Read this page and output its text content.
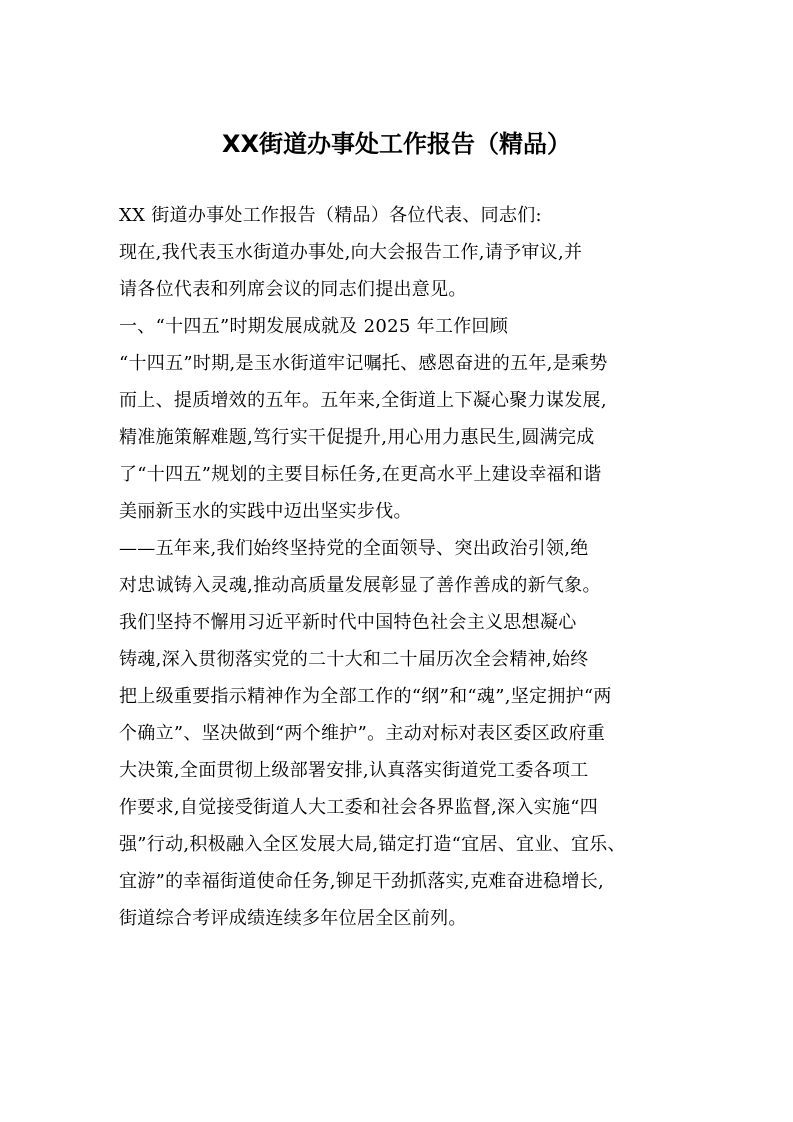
XX街道办事处工作报告（精品）
XX 街道办事处工作报告（精品）各位代表、同志们:
现在,我代表玉水街道办事处,向大会报告工作,请予审议,并
请各位代表和列席会议的同志们提出意见。
一、“十四五”时期发展成就及 2025 年工作回顾
“十四五”时期,是玉水街道牢记嘱托、感恩奋进的五年,是乘势
而上、提质增效的五年。五年来,全街道上下凝心聚力谋发展,
精准施策解难题,笃行实干促提升,用心用力惠民生,圆满完成
了“十四五”规划的主要目标任务,在更高水平上建设幸福和谐
美丽新玉水的实践中迈出坚实步伐。
——五年来,我们始终坚持党的全面领导、突出政治引领,绝
对忠诚铸入灵魂,推动高质量发展彰显了善作善成的新气象。
我们坚持不懈用习近平新时代中国特色社会主义思想凝心
铸魂,深入贯彻落实党的二十大和二十届历次全会精神,始终
把上级重要指示精神作为全部工作的“纲”和“魂”,坚定拥护“两
个确立”、坚决做到“两个维护”。主动对标对表区委区政府重
大决策,全面贯彻上级部署安排,认真落实街道党工委各项工
作要求,自觉接受街道人大工委和社会各界监督,深入实施“四
强”行动,积极融入全区发展大局,锚定打造“宜居、宜业、宜乐、
宜游”的幸福街道使命任务,铆足干劲抓落实,克难奋进稳增长,
街道综合考评成绩连续多年位居全区前列。
